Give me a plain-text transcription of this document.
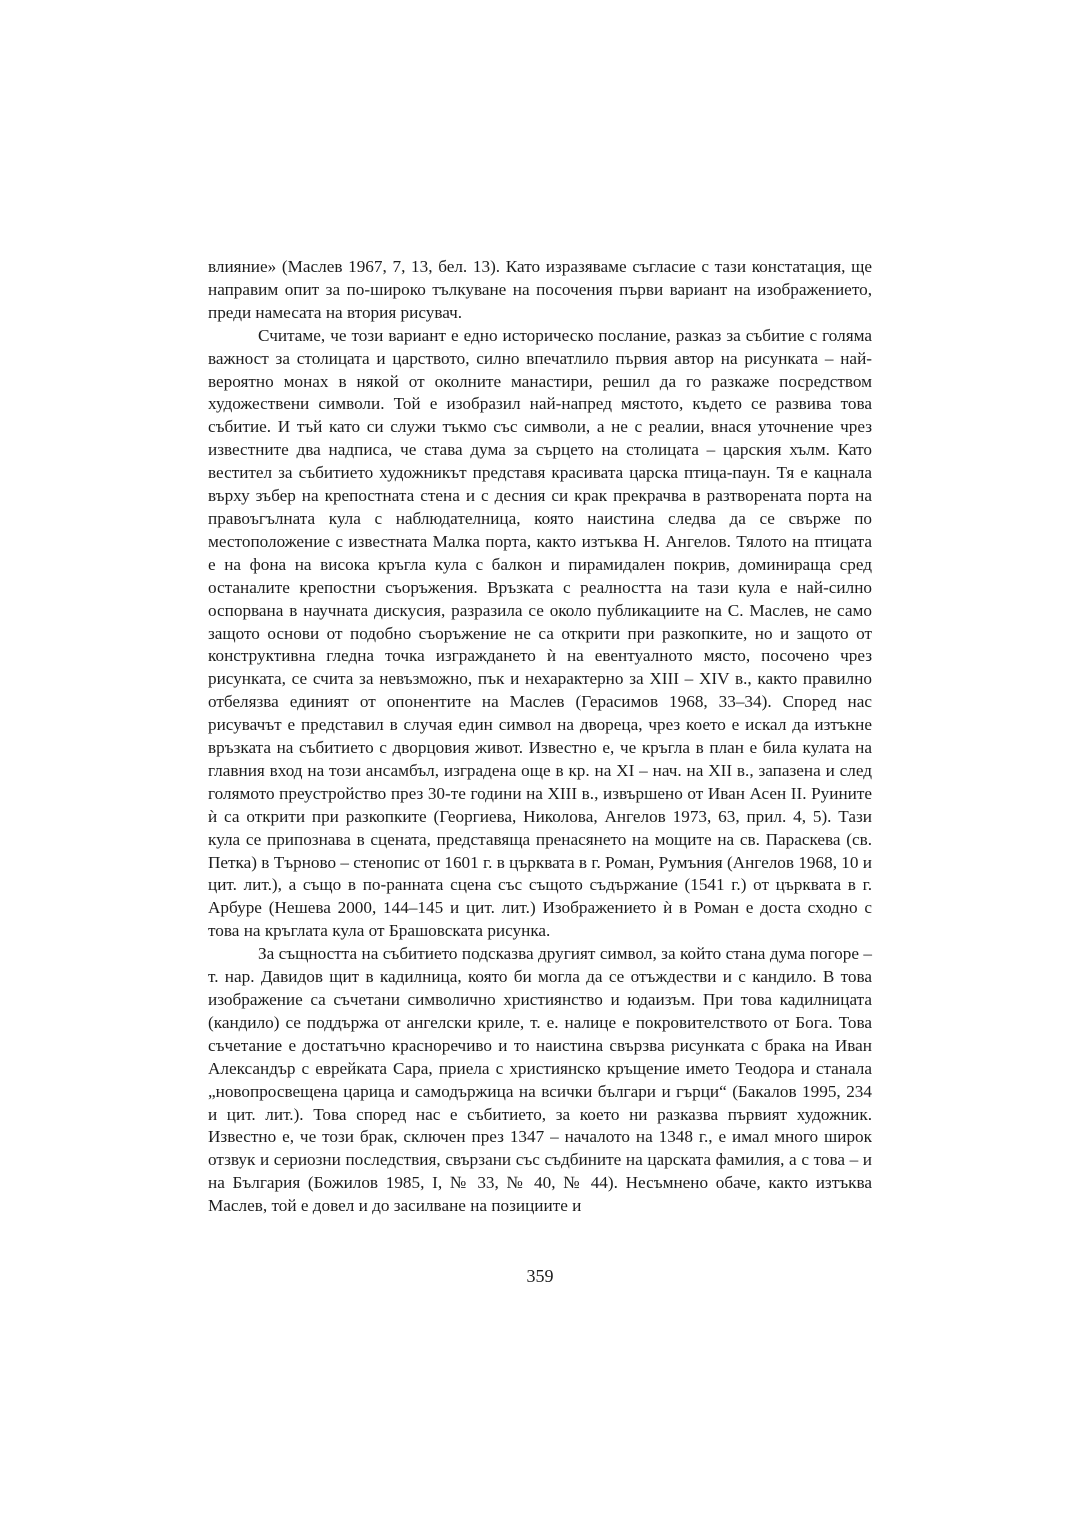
влияние» (Маслев 1967, 7, 13, бел. 13). Като изразяваме съгласие с тази констатация, ще направим опит за по-широко тълкуване на посочения първи вариант на изображението, преди намесата на втория рисувач.

Считаме, че този вариант е едно историческо послание, разказ за събитие с голяма важност за столицата и царството, силно впечатлило първия автор на рисунката – най-вероятно монах в някой от околните манастири, решил да го разкаже посредством художествени символи. Той е изобразил най-напред мястото, където се развива това събитие. И тъй като си служи тъкмо със символи, а не с реалии, внася уточнение чрез известните два надписа, че става дума за сърцето на столицата – царския хълм. Като вестител за събитието художникът представя красивата царска птица-паун. Тя е кацнала върху зъбер на крепостната стена и с десния си крак прекрачва в разтворената порта на правоъгълната кула с наблюдателница, която наистина следва да се свърже по местоположение с известната Малка порта, както изтъква Н. Ангелов. Тялото на птицата е на фона на висока кръгла кула с балкон и пирамидален покрив, доминираща сред останалите крепостни съоръжения. Връзката с реалността на тази кула е най-силно оспорвана в научната дискусия, разразила се около публикациите на С. Маслев, не само защото основи от подобно съоръжение не са открити при разкопките, но и защото от конструктивна гледна точка изграждането ѝ на евентуалното място, посочено чрез рисунката, се счита за невъзможно, пък и нехарактерно за XIII – XIV в., както правилно отбелязва единият от опонентите на Маслев (Герасимов 1968, 33–34). Според нас рисувачът е представил в случая един символ на двореца, чрез което е искал да изтъкне връзката на събитието с дворцовия живот. Известно е, че кръгла в план е била кулата на главния вход на този ансамбъл, изградена още в кр. на XI – нач. на XII в., запазена и след голямото преустройство през 30-те години на XIII в., извършено от Иван Асен II. Руините ѝ са открити при разкопките (Георгиева, Николова, Ангелов 1973, 63, прил. 4, 5). Тази кула се припознава в сцената, представяща пренасянето на мощите на св. Параскева (св. Петка) в Търново – стенопис от 1601 г. в църквата в г. Роман, Румъния (Ангелов 1968, 10 и цит. лит.), а също в по-ранната сцена със същото съдържание (1541 г.) от църквата в г. Арбуре (Нешева 2000, 144–145 и цит. лит.) Изображението ѝ в Роман е доста сходно с това на кръглата кула от Брашовската рисунка.

За същността на събитието подсказва другият символ, за който стана дума погоре – т. нар. Давидов щит в кадилница, която би могла да се отъждестви и с кандило. В това изображение са съчетани символично християнство и юдаизъм. При това кадилницата (кандило) се поддържа от ангелски криле, т. е. налице е покровителството от Бога. Това съчетание е достатъчно красноречиво и то наистина свързва рисунката с брака на Иван Александър с еврейката Сара, приела с християнско кръщение името Теодора и станала „новопросвещена царица и самодържица на всички българи и гърци“ (Бакалов 1995, 234 и цит. лит.). Това според нас е събитието, за което ни разказва първият художник. Известно е, че този брак, сключен през 1347 – началото на 1348 г., е имал много широк отзвук и сериозни последствия, свързани със съдбините на царската фамилия, а с това – и на България (Божилов 1985, I, № 33, № 40, № 44). Несъмнено обаче, както изтъква Маслев, той е довел и до засилване на позициите и

359
